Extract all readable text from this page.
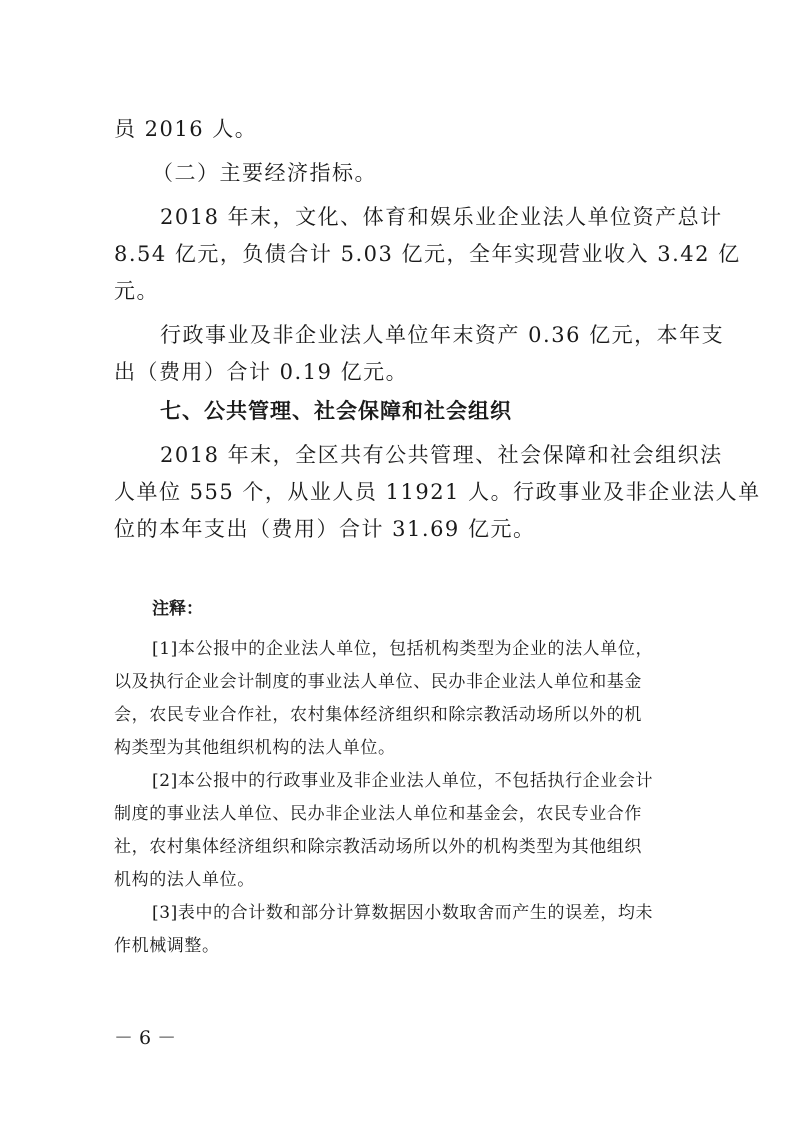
员 2016 人。

（二）主要经济指标。

2018 年末，文化、体育和娱乐业企业法人单位资产总计

8.54 亿元，负债合计 5.03 亿元，全年实现营业收入 3.42 亿

元。

行政事业及非企业法人单位年末资产 0.36 亿元，本年支

出（费用）合计 0.19 亿元。

七、公共管理、社会保障和社会组织

2018 年末，全区共有公共管理、社会保障和社会组织法

人单位 555 个，从业人员 11921 人。行政事业及非企业法人单

位的本年支出（费用）合计 31.69 亿元。

注释：

[1]本公报中的企业法人单位，包括机构类型为企业的法人单位，

以及执行企业会计制度的事业法人单位、民办非企业法人单位和基金

会，农民专业合作社，农村集体经济组织和除宗教活动场所以外的机

构类型为其他组织机构的法人单位。

[2]本公报中的行政事业及非企业法人单位，不包括执行企业会计

制度的事业法人单位、民办非企业法人单位和基金会，农民专业合作

社，农村集体经济组织和除宗教活动场所以外的机构类型为其他组织

机构的法人单位。

[3]表中的合计数和部分计算数据因小数取舍而产生的误差，均未

作机械调整。

－ 6 －
